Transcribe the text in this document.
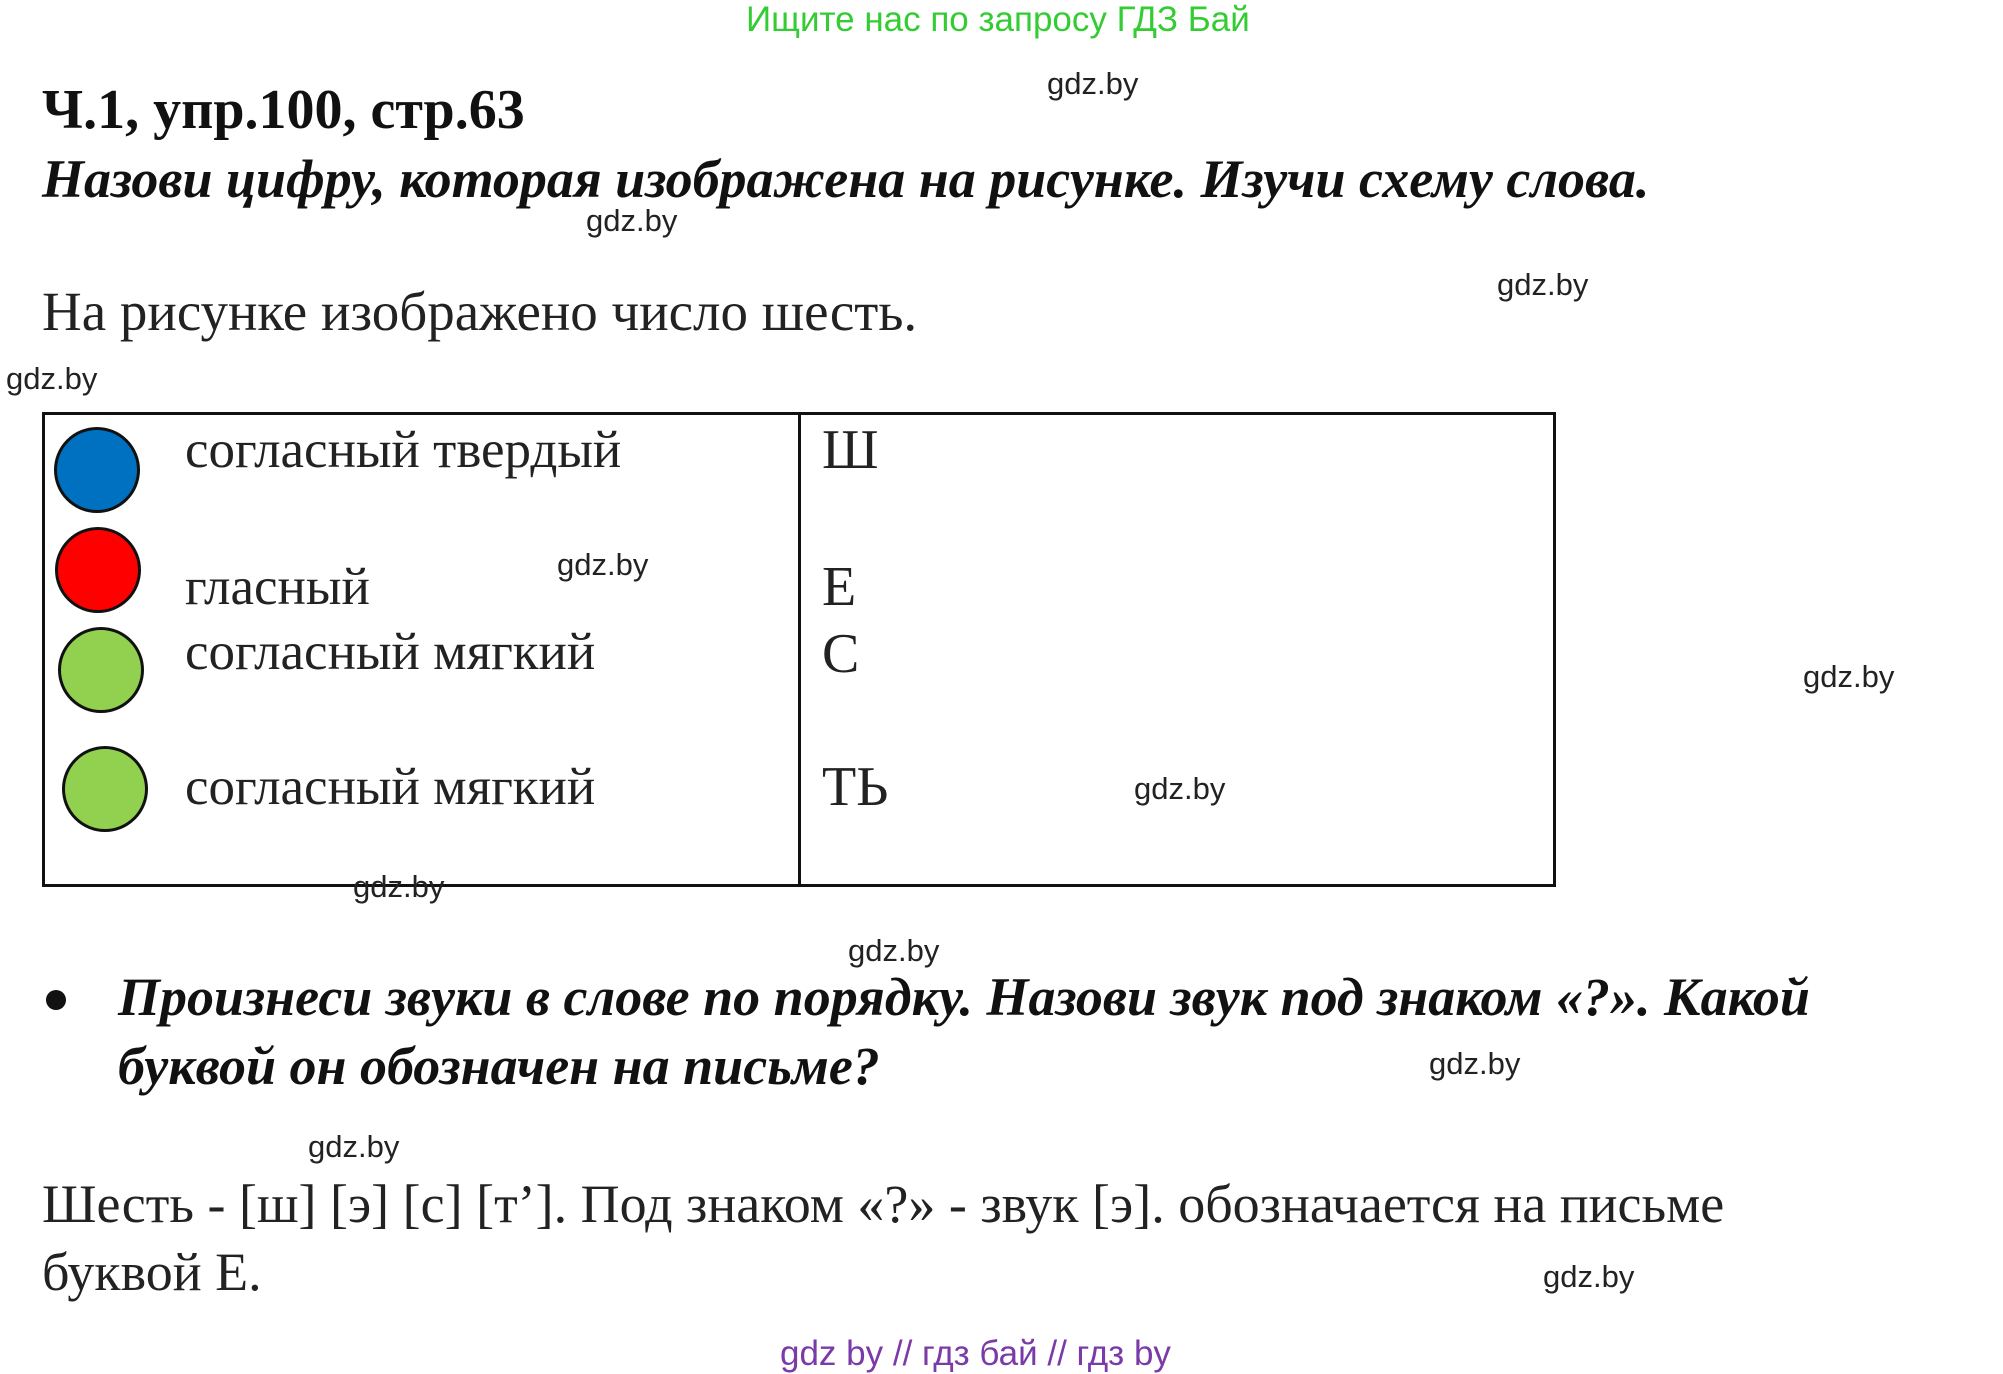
Ищите нас по запросу ГДЗ Бай
Ч.1, упр.100, стр.63
Назови цифру, которая изображена на рисунке. Изучи схему слова.
На рисунке изображено число шесть.
согласный твердый	Ш
гласный	Е
согласный мягкий	С
согласный мягкий	ТЬ
Произнеси звуки в слове по порядку. Назови звук под знаком «?». Какой
буквой он обозначен на письме?
Шесть - [ш] [э] [с] [т’]. Под знаком «?» - звук [э]. обозначается на письме
буквой Е.
gdz.by
gdz.by
gdz.by
gdz.by
gdz.by
gdz.by
gdz.by
gdz.by
gdz.by
gdz.by
gdz.by
gdz.by
gdz by // гдз бай // гдз by
